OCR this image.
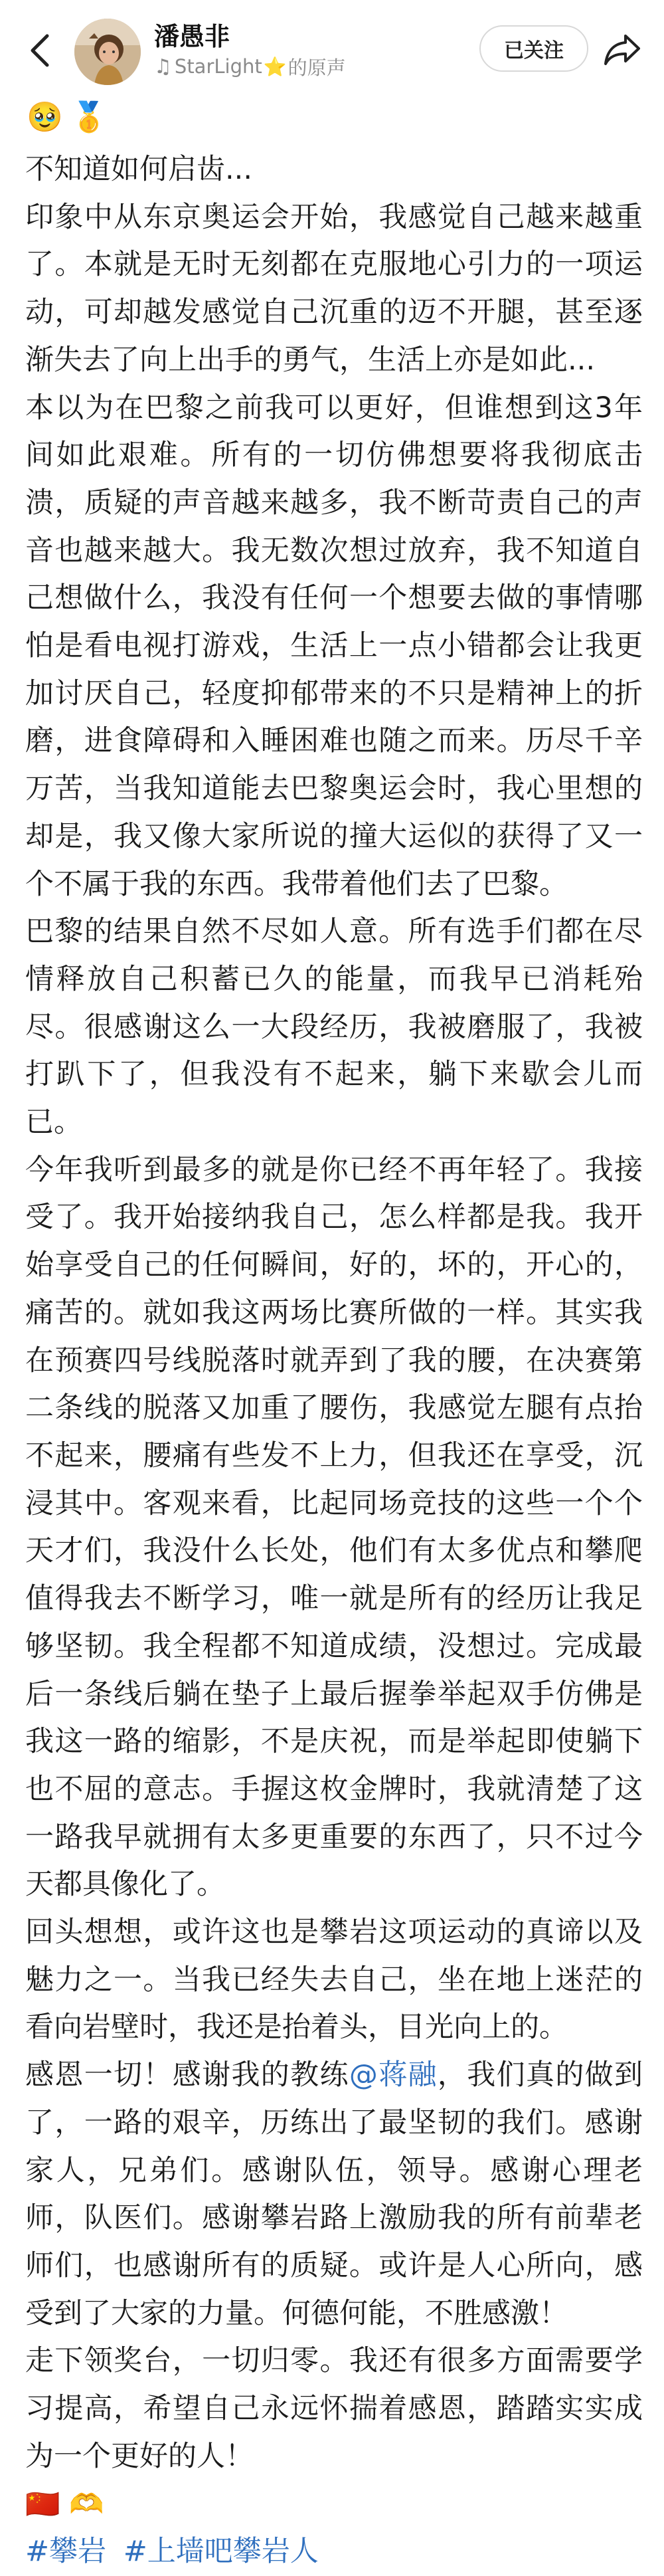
潘愚非
♫ StarLight ⭐ 的原声
已关注
🥹 🥇

不知道如何启齿...

印象中从东京奥运会开始，我感觉自己越来越重了。本就是无时无刻都在克服地心引力的一项运动，可却越发感觉自己沉重的迈不开腿，甚至逐渐失去了向上出手的勇气，生活上亦是如此...

本以为在巴黎之前我可以更好，但谁想到这3年间如此艰难。所有的一切仿佛想要将我彻底击溃，质疑的声音越来越多，我不断苛责自己的声音也越来越大。我无数次想过放弃，我不知道自己想做什么，我没有任何一个想要去做的事情哪怕是看电视打游戏，生活上一点小错都会让我更加讨厌自己，轻度抑郁带来的不只是精神上的折磨，进食障碍和入睡困难也随之而来。历尽千辛万苦，当我知道能去巴黎奥运会时，我心里想的却是，我又像大家所说的撞大运似的获得了又一个不属于我的东西。我带着他们去了巴黎。

巴黎的结果自然不尽如人意。所有选手们都在尽情释放自己积蓄已久的能量，而我早已消耗殆尽。很感谢这么一大段经历，我被磨服了，我被打趴下了，但我没有不起来，躺下来歇会儿而已。

今年我听到最多的就是你已经不再年轻了。我接受了。我开始接纳我自己，怎么样都是我。我开始享受自己的任何瞬间，好的，坏的，开心的，痛苦的。就如我这两场比赛所做的一样。其实我在预赛四号线脱落时就弄到了我的腰，在决赛第二条线的脱落又加重了腰伤，我感觉左腿有点抬不起来，腰痛有些发不上力，但我还在享受，沉浸其中。客观来看，比起同场竞技的这些一个个天才们，我没什么长处，他们有太多优点和攀爬值得我去不断学习，唯一就是所有的经历让我足够坚韧。我全程都不知道成绩，没想过。完成最后一条线后躺在垫子上最后握拳举起双手仿佛是我这一路的缩影，不是庆祝，而是举起即使躺下也不屈的意志。手握这枚金牌时，我就清楚了这一路我早就拥有太多更重要的东西了，只不过今天都具像化了。

回头想想，或许这也是攀岩这项运动的真谛以及魅力之一。当我已经失去自己，坐在地上迷茫的看向岩壁时，我还是抬着头，目光向上的。

感恩一切！感谢我的教练@蒋融，我们真的做到了，一路的艰辛，历练出了最坚韧的我们。感谢家人，兄弟们。感谢队伍，领导。感谢心理老师，队医们。感谢攀岩路上激励我的所有前辈老师们，也感谢所有的质疑。或许是人心所向，感受到了大家的力量。何德何能，不胜感激！

走下领奖台，一切归零。我还有很多方面需要学习提高，希望自己永远怀揣着感恩，踏踏实实成为一个更好的人！

🇨🇳 🫶
#攀岩 #上墙吧攀岩人
